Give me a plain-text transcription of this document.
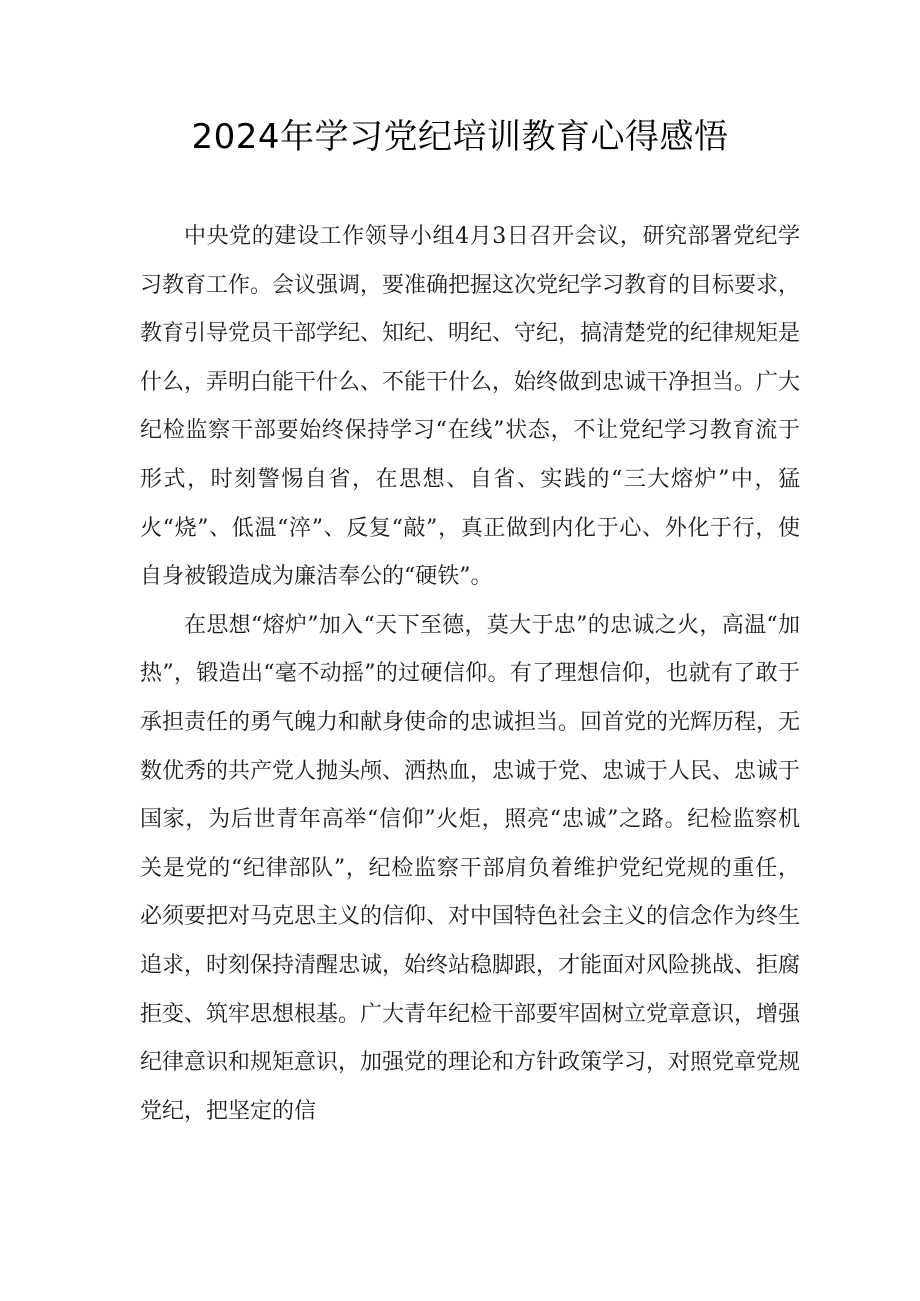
2024年学习党纪培训教育心得感悟

中央党的建设工作领导小组4月3日召开会议，研究部署党纪学习教育工作。会议强调，要准确把握这次党纪学习教育的目标要求，教育引导党员干部学纪、知纪、明纪、守纪，搞清楚党的纪律规矩是什么，弄明白能干什么、不能干什么，始终做到忠诚干净担当。广大纪检监察干部要始终保持学习“在线”状态，不让党纪学习教育流于形式，时刻警惕自省，在思想、自省、实践的“三大熔炉”中，猛火“烧”、低温“淬”、反复“敲”，真正做到内化于心、外化于行，使自身被锻造成为廉洁奉公的“硬铁”。

在思想“熔炉”加入“天下至德，莫大于忠”的忠诚之火，高温“加热”，锻造出“毫不动摇”的过硬信仰。有了理想信仰，也就有了敢于承担责任的勇气魄力和献身使命的忠诚担当。回首党的光辉历程，无数优秀的共产党人抛头颅、洒热血，忠诚于党、忠诚于人民、忠诚于国家，为后世青年高举“信仰”火炬，照亮“忠诚”之路。纪检监察机关是党的“纪律部队”，纪检监察干部肩负着维护党纪党规的重任，必须要把对马克思主义的信仰、对中国特色社会主义的信念作为终生追求，时刻保持清醒忠诚，始终站稳脚跟，才能面对风险挑战、拒腐拒变、筑牢思想根基。广大青年纪检干部要牢固树立党章意识，增强纪律意识和规矩意识，加强党的理论和方针政策学习，对照党章党规党纪，把坚定的信
